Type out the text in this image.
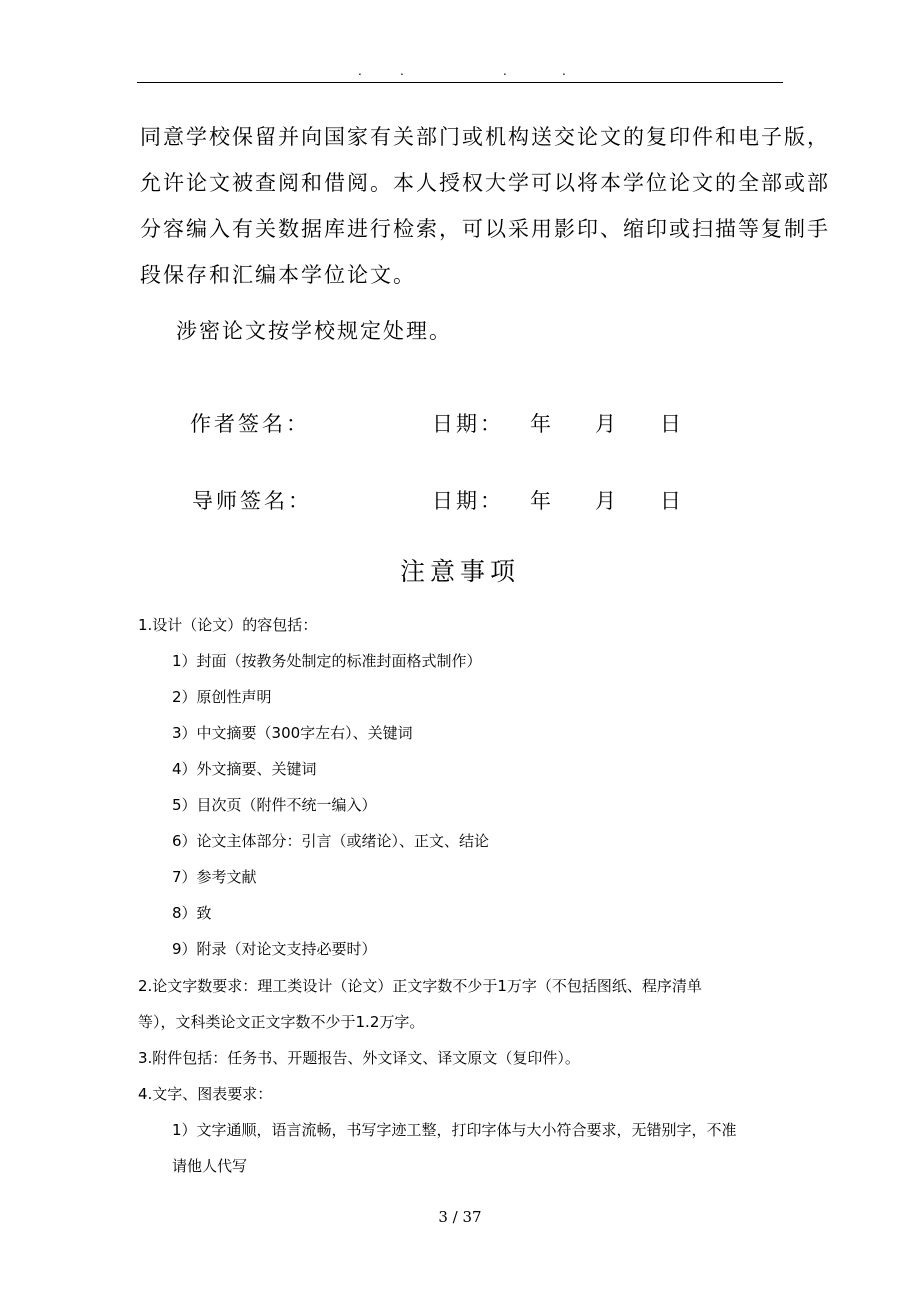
.	.	.	.

同意学校保留并向国家有关部门或机构送交论文的复印件和电子版，

允许论文被查阅和借阅。本人授权大学可以将本学位论文的全部或部

分容编入有关数据库进行检索，可以采用影印、缩印或扫描等复制手

段保存和汇编本学位论文。

涉密论文按学校规定处理。
作者签名：	日期： 年 月 日
导师签名：	日期： 年 月 日
注意事项
1.设计（论文）的容包括：
1）封面（按教务处制定的标准封面格式制作）
2）原创性声明
3）中文摘要（300字左右）、关键词
4）外文摘要、关键词
5）目次页（附件不统一编入）
6）论文主体部分：引言（或绪论）、正文、结论
7）参考文献
8）致
9）附录（对论文支持必要时）
2.论文字数要求：理工类设计（论文）正文字数不少于1万字（不包括图纸、程序清单
等），文科类论文正文字数不少于1.2万字。
3.附件包括：任务书、开题报告、外文译文、译文原文（复印件）。
4.文字、图表要求：
1）文字通顺，语言流畅，书写字迹工整，打印字体与大小符合要求，无错别字，不准
请他人代写
3 / 37
